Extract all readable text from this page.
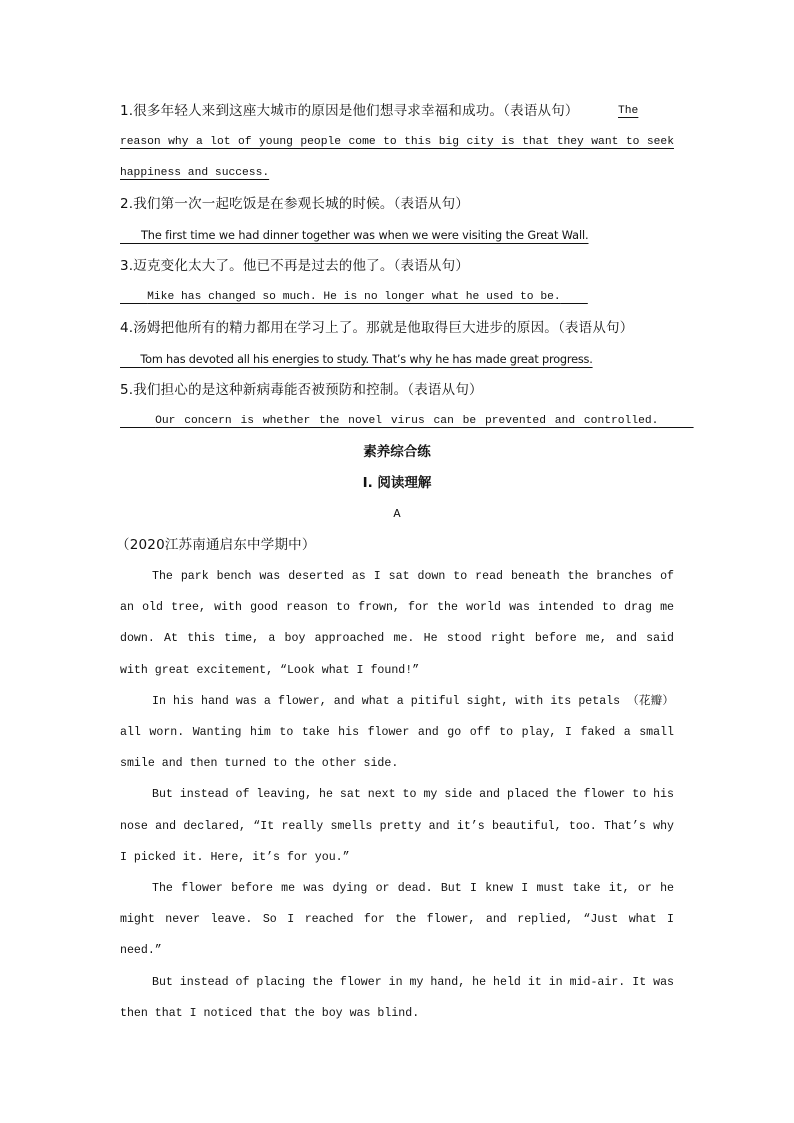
1.很多年轻人来到这座大城市的原因是他们想寻求幸福和成功。（表语从句）	The reason why a lot of young people come to this big city is that they want to seek happiness and success.
2.我们第一次一起吃饭是在参观长城的时候。（表语从句）
The first time we had dinner together was when we were visiting the Great Wall.
3.迈克变化太大了。他已不再是过去的他了。（表语从句）
Mike has changed so much. He is no longer what he used to be.
4.汤姆把他所有的精力都用在学习上了。那就是他取得巨大进步的原因。（表语从句）
Tom has devoted all his energies to study. That’s why he has made great progress.
5.我们担心的是这种新病毒能否被预防和控制。（表语从句）
Our concern is whether the novel virus can be prevented and controlled.
素养综合练
Ⅰ. 阅读理解
A
（2020江苏南通启东中学期中）

The park bench was deserted as I sat down to read beneath the branches of an old tree, with good reason to frown, for the world was intended to drag me down. At this time, a boy approached me. He stood right before me, and said with great excitement, “Look what I found!”

In his hand was a flower, and what a pitiful sight, with its petals （花瓣） all worn. Wanting him to take his flower and go off to play, I faked a small smile and then turned to the other side.

But instead of leaving, he sat next to my side and placed the flower to his nose and declared, “It really smells pretty and it’s beautiful, too. That’s why I picked it. Here, it’s for you.”

The flower before me was dying or dead. But I knew I must take it, or he might never leave. So I reached for the flower, and replied, “Just what I need.”

But instead of placing the flower in my hand, he held it in mid-air. It was then that I noticed that the boy was blind.
